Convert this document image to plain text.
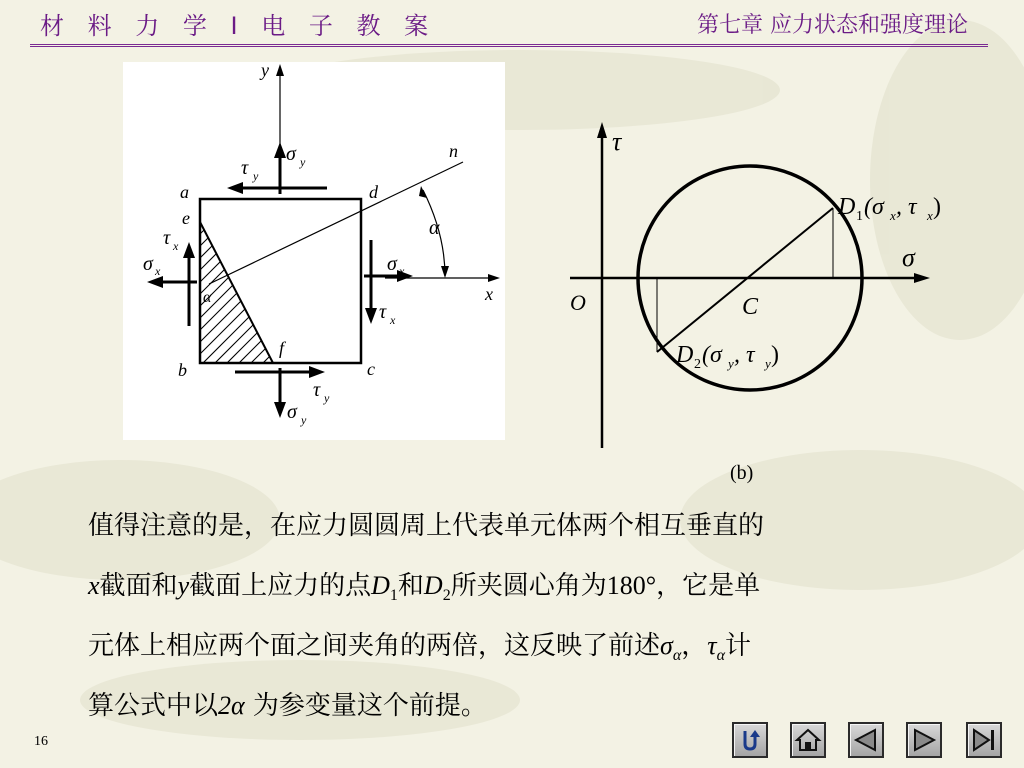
材 料 力 学 Ⅰ 电 子 教 案	第七章 应力状态和强度理论
y
x
n
α
α
a
e
d
b	c
f
σ y
τ y
σ y
τ y
σ x
τ x
σ x
τ x
τ
σ
O	C
D 1 (σ x , τ x )
D 2 (σ y , τ y )
(b)
值得注意的是，在应力圆圆周上代表单元体两个相互垂直的
x截面和y截面上应力的点$D_1$和$D_2$所夹圆心角为180°，它是单
元体上相应两个面之间夹角的两倍，这反映了前述$\sigma_\alpha$，$\tau_\alpha$计
算公式中以2α 为参变量这个前提。
16
